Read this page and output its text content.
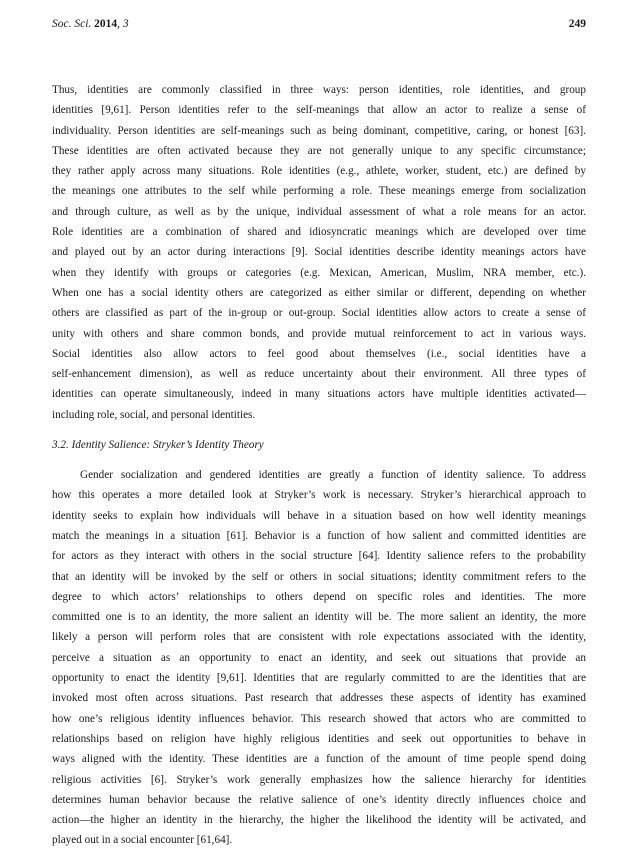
Soc. Sci. 2014, 3	249
Thus, identities are commonly classified in three ways: person identities, role identities, and group
identities [9,61]. Person identities refer to the self-meanings that allow an actor to realize a sense of
individuality. Person identities are self-meanings such as being dominant, competitive, caring, or honest [63].
These identities are often activated because they are not generally unique to any specific circumstance;
they rather apply across many situations. Role identities (e.g., athlete, worker, student, etc.) are defined by
the meanings one attributes to the self while performing a role. These meanings emerge from socialization
and through culture, as well as by the unique, individual assessment of what a role means for an actor.
Role identities are a combination of shared and idiosyncratic meanings which are developed over time
and played out by an actor during interactions [9]. Social identities describe identity meanings actors have
when they identify with groups or categories (e.g. Mexican, American, Muslim, NRA member, etc.).
When one has a social identity others are categorized as either similar or different, depending on whether
others are classified as part of the in-group or out-group. Social identities allow actors to create a sense of
unity with others and share common bonds, and provide mutual reinforcement to act in various ways.
Social identities also allow actors to feel good about themselves (i.e., social identities have a
self-enhancement dimension), as well as reduce uncertainty about their environment. All three types of
identities can operate simultaneously, indeed in many situations actors have multiple identities activated—
including role, social, and personal identities.
3.2. Identity Salience: Stryker’s Identity Theory
Gender socialization and gendered identities are greatly a function of identity salience. To address
how this operates a more detailed look at Stryker’s work is necessary. Stryker’s hierarchical approach to
identity seeks to explain how individuals will behave in a situation based on how well identity meanings
match the meanings in a situation [61]. Behavior is a function of how salient and committed identities are
for actors as they interact with others in the social structure [64]. Identity salience refers to the probability
that an identity will be invoked by the self or others in social situations; identity commitment refers to the
degree to which actors’ relationships to others depend on specific roles and identities. The more
committed one is to an identity, the more salient an identity will be. The more salient an identity, the more
likely a person will perform roles that are consistent with role expectations associated with the identity,
perceive a situation as an opportunity to enact an identity, and seek out situations that provide an
opportunity to enact the identity [9,61]. Identities that are regularly committed to are the identities that are
invoked most often across situations. Past research that addresses these aspects of identity has examined
how one’s religious identity influences behavior. This research showed that actors who are committed to
relationships based on religion have highly religious identities and seek out opportunities to behave in
ways aligned with the identity. These identities are a function of the amount of time people spend doing
religious activities [6]. Stryker’s work generally emphasizes how the salience hierarchy for identities
determines human behavior because the relative salience of one’s identity directly influences choice and
action—the higher an identity in the hierarchy, the higher the likelihood the identity will be activated, and
played out in a social encounter [61,64].
